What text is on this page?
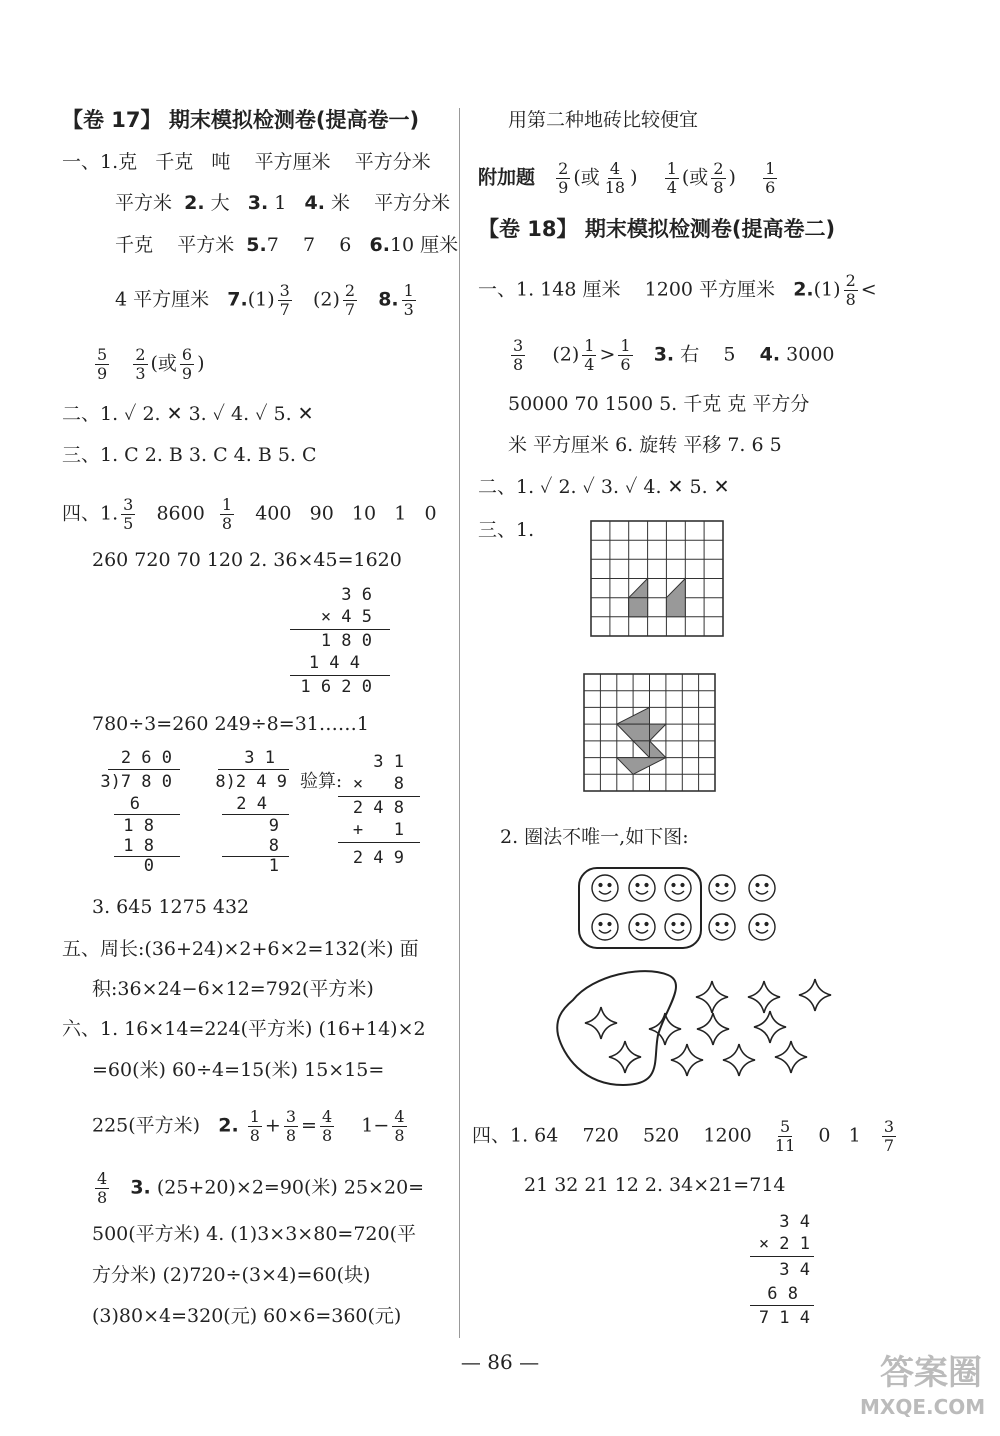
【卷 17】 期末模拟检测卷(提高卷一)
一、1.克 千克 吨 平方厘米 平方分米
平方米 2. 大 3. 1 4. 米 平方分米
千克 平方米 5.7 7 6 6.10 厘米
4 平方厘米 $7.(1) \frac{3}{7} (2) \frac{2}{7} 8$. $\frac{1}{3}$
$\frac{5}{9}$
$\frac{2}{3}$ (或 $\frac{6}{9}$ )
二、1. ✓ 2. ✕ 3. ✓ 4. ✓ 5. ✕
三、1. C 2. B 3. C 4. B 5. C
四、1. $\frac{3}{5} 8600 \frac{1}{8} 400$ 90 10 1 0
260 720 70 120 2. 36×45=1620
3 6
× 4 5
1 8 0
1 4 4
1 6 2 0
780÷3=260 249÷8=31……1
2 6 0
3)7 8 0
6
1 8
1 8
0
3 1
8)2 4 9
2 4
9
8
1
验算:
3 1
×   8
2 4 8
+   1
2 4 9
3. 645 1275 432
五、周长:(36+24)×2+6×2=132(米) 面
积:36×24−6×12=792(平方米)
六、1. 16×14=224(平方米) (16+14)×2
=60(米) 60÷4=15(米) 15×15=
225(平方米) 2. $\frac{1}{8} + \frac{3}{8} = \frac{4}{8} 1- \frac{4}{8}$
$\frac{4}{8} 3$. (25+20)×2=90(米) 25×20=
500(平方米) 4. (1)3×3×80=720(平
方分米) (2)720÷(3×4)=60(块)
(3)80×4=320(元) 60×6=360(元)
用第二种地砖比较便宜
附加题 $\frac{2}{9}$ (或 $\frac{4}{18}$ ) $\frac{1}{4}$ (或 $\frac{2}{8}$ ) $\frac{1}{6}$
【卷 18】 期末模拟检测卷(提高卷二)
一、1. 148 厘米 1200 平方厘米 $2.(1) \frac{2}{8}$ <
$\frac{3}{8} (2) \frac{1}{4} > \frac{1}{6} 3$. 右 5 4. 3000
50000 70 1500 5. 千克 克 平方分
米 平方厘米 6. 旋转 平移 7. 6 5
二、1. ✓ 2. ✓ 3. ✓ 4. ✕ 5. ✕
三、1.
2. 圈法不唯一,如下图:
四、1. 64 720 520 $1200 \frac{5}{11} 0$ $1 \frac{3}{7}$
21 32 21 12 2. 34×21=714
3 4
× 2 1
3 4
6 8
7 1 4
— 86 —	答案圈
MXQE.COM
